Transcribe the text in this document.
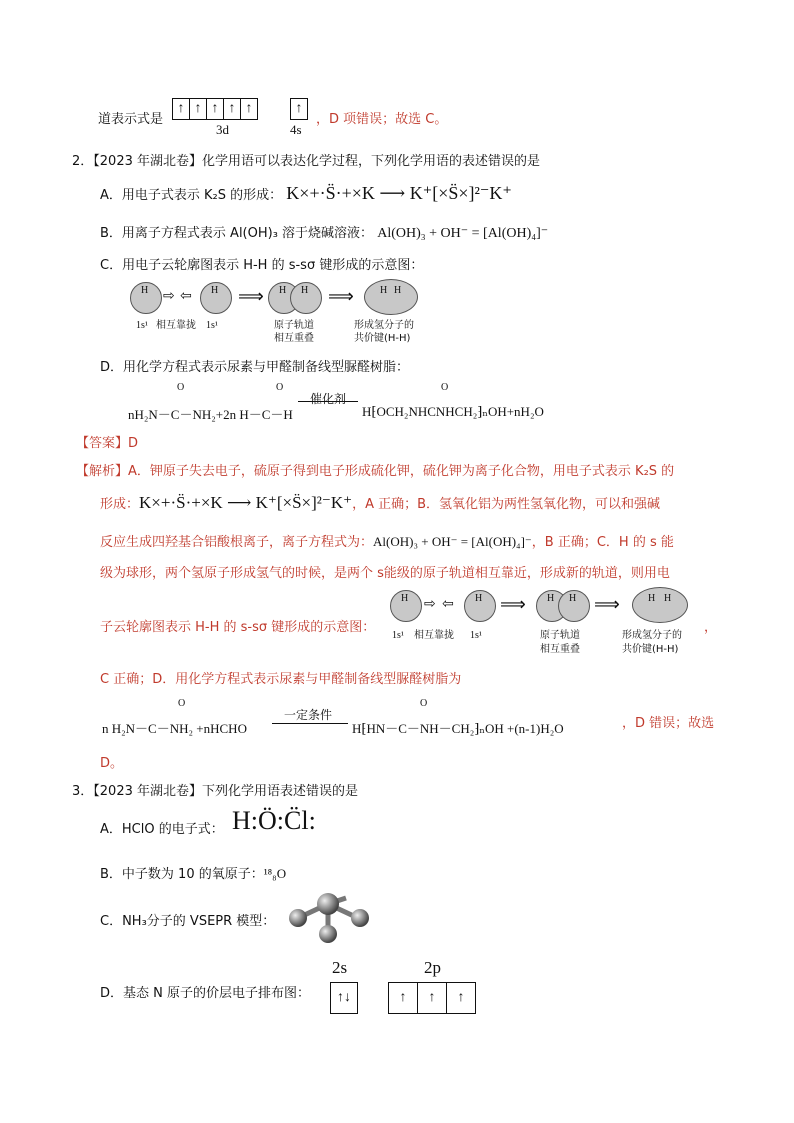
道表示式是
↑ ↑ ↑ ↑ ↑
3d
↑
4s
，D 项错误；故选 C。
2．【2023 年湖北卷】化学用语可以表达化学过程，下列化学用语的表述错误的是
A．用电子式表示 K₂S 的形成： K×+·S̈·+×K ⟶ K⁺[×S̈×]²⁻K⁺
B．用离子方程式表示 Al(OH)₃ 溶于烧碱溶液： Al(OH)₃ + OH⁻ = [Al(OH)₄]⁻
C．用电子云轮廓图表示 H-H 的 s-sσ 键形成的示意图：
H ⇨ ⇦ H
1s¹ 相互靠拢 1s¹
⟹ H H
原子轨道
相互重叠
⟹	H H
形成氢分子的
共价键(H-H)
D．用化学方程式表示尿素与甲醛制备线型脲醛树脂：
O	O	O
nH₂N－C－NH₂+2n H－C－H
催化剂
H⁅OCH₂NHCNHCH₂⁆ₙOH+nH₂O
【答案】D
【解析】A．钾原子失去电子，硫原子得到电子形成硫化钾，硫化钾为离子化合物，用电子式表示 K₂S 的
形成：K×+·S̈·+×K ⟶ K⁺[×S̈×]²⁻K⁺，A 正确；B．氢氧化铝为两性氢氧化物，可以和强碱
反应生成四羟基合铝酸根离子，离子方程式为：Al(OH)₃ + OH⁻ = [Al(OH)₄]⁻，B 正确；C．H 的 s 能
级为球形，两个氢原子形成氢气的时候，是两个 s能级的原子轨道相互靠近，形成新的轨道，则用电
子云轮廓图表示 H-H 的 s-sσ 键形成的示意图：
H ⇨ ⇦ H
1s¹ 相互靠拢 1s¹
⟹ H H
原子轨道
相互重叠
⟹	H H
形成氢分子的
共价键(H-H)
，
C 正确；D．用化学方程式表示尿素与甲醛制备线型脲醛树脂为
O	O
n H₂N－C－NH₂ +nHCHO
一定条件
H⁅HN－C－NH－CH₂⁆ₙOH +(n-1)H₂O	，D 错误；故选
D。
3．【2023 年湖北卷】下列化学用语表述错误的是
A．HClO 的电子式： H:Ö:C̈l:
B．中子数为 10 的氧原子：¹⁸₈O
C．NH₃分子的 VSEPR 模型：
D．基态 N 原子的价层电子排布图：
2s	2p
↑↓	↑ ↑ ↑
